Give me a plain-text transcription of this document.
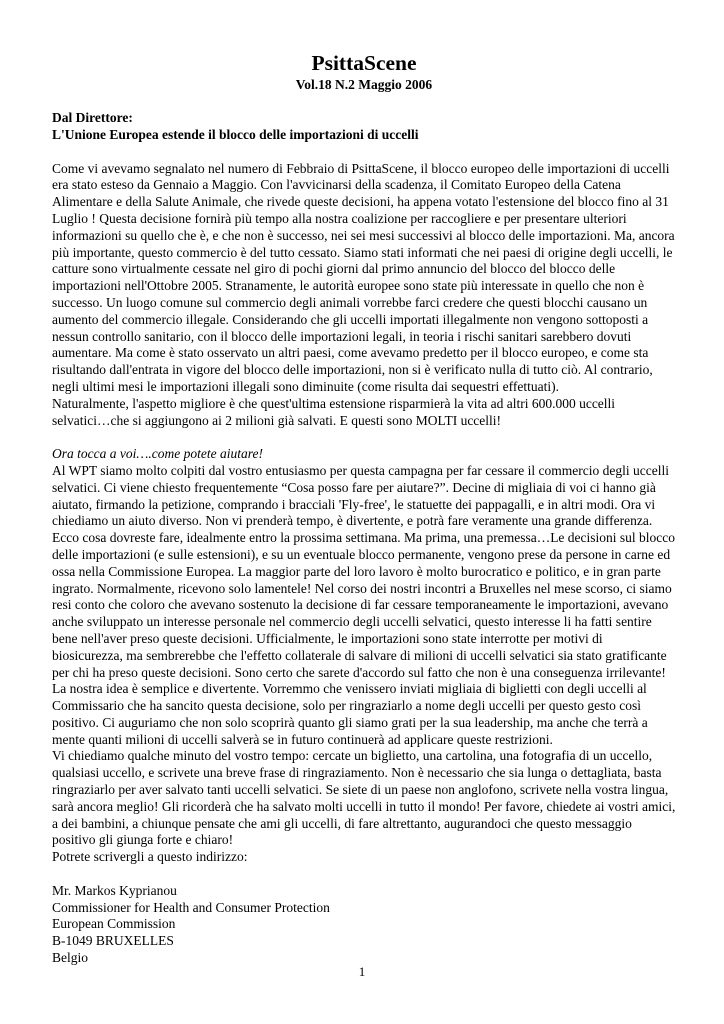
PsittaScene
Vol.18 N.2 Maggio 2006
Dal Direttore:
L'Unione Europea estende il blocco delle importazioni di uccelli

Come vi avevamo segnalato nel numero di Febbraio di PsittaScene, il blocco europeo delle importazioni di uccelli era stato esteso da Gennaio a Maggio. Con l'avvicinarsi della scadenza, il Comitato Europeo della Catena Alimentare e della Salute Animale, che rivede queste decisioni, ha appena votato l'estensione del blocco fino al 31 Luglio ! Questa decisione fornirà più tempo alla nostra coalizione per raccogliere e per presentare ulteriori informazioni su quello che è, e che non è successo, nei sei mesi successivi al blocco delle importazioni. Ma, ancora più importante, questo commercio è del tutto cessato. Siamo stati informati che nei paesi di origine degli uccelli, le catture sono virtualmente cessate nel giro di pochi giorni dal primo annuncio del blocco del blocco delle importazioni nell'Ottobre 2005. Stranamente, le autorità europee sono state più interessate in quello che non è successo. Un luogo comune sul commercio degli animali vorrebbe farci credere che questi blocchi causano un aumento del commercio illegale. Considerando che gli uccelli importati illegalmente non vengono sottoposti a nessun controllo sanitario, con il blocco delle importazioni legali, in teoria i rischi sanitari sarebbero dovuti aumentare. Ma come è stato osservato un altri paesi, come avevamo predetto per il blocco europeo, e come sta risultando dall'entrata in vigore del blocco delle importazioni, non si è verificato nulla di tutto ciò. Al contrario, negli ultimi mesi le importazioni illegali sono diminuite (come risulta dai sequestri effettuati).

Naturalmente, l'aspetto migliore è che quest'ultima estensione risparmierà la vita ad altri 600.000 uccelli selvatici…che si aggiungono ai 2 milioni già salvati. E questi sono MOLTI uccelli!

Ora tocca a voi….come potete aiutare!

Al WPT siamo molto colpiti dal vostro entusiasmo per questa campagna per far cessare il commercio degli uccelli selvatici. Ci viene chiesto frequentemente “Cosa posso fare per aiutare?”. Decine di migliaia di voi ci hanno già aiutato, firmando la petizione, comprando i bracciali 'Fly-free', le statuette dei pappagalli, e in altri modi. Ora vi chiediamo un aiuto diverso. Non vi prenderà tempo, è divertente, e potrà fare veramente una grande differenza. Ecco cosa dovreste fare, idealmente entro la prossima settimana. Ma prima, una premessa…Le decisioni sul blocco delle importazioni (e sulle estensioni), e su un eventuale blocco permanente, vengono prese da persone in carne ed ossa nella Commissione Europea. La maggior parte del loro lavoro è molto burocratico e politico, e in gran parte ingrato. Normalmente, ricevono solo lamentele! Nel corso dei nostri incontri a Bruxelles nel mese scorso, ci siamo resi conto che coloro che avevano sostenuto la decisione di far cessare temporaneamente le importazioni, avevano anche sviluppato un interesse personale nel commercio degli uccelli selvatici, questo interesse li ha fatti sentire bene nell'aver preso queste decisioni. Ufficialmente, le importazioni sono state interrotte per motivi di biosicurezza, ma sembrerebbe che l'effetto collaterale di salvare di milioni di uccelli selvatici sia stato gratificante per chi ha preso queste decisioni. Sono certo che sarete d'accordo sul fatto che non è una conseguenza irrilevante!

La nostra idea è semplice e divertente. Vorremmo che venissero inviati migliaia di biglietti con degli uccelli al Commissario che ha sancito questa decisione, solo per ringraziarlo a nome degli uccelli per questo gesto così positivo. Ci auguriamo che non solo scoprirà quanto gli siamo grati per la sua leadership, ma anche che terrà a mente quanti milioni di uccelli salverà se in futuro continuerà ad applicare queste restrizioni.

Vi chiediamo qualche minuto del vostro tempo: cercate un biglietto, una cartolina, una fotografia di un uccello, qualsiasi uccello, e scrivete una breve frase di ringraziamento. Non è necessario che sia lunga o dettagliata, basta ringraziarlo per aver salvato tanti uccelli selvatici. Se siete di un paese non anglofono, scrivete nella vostra lingua, sarà ancora meglio! Gli ricorderà che ha salvato molti uccelli in tutto il mondo! Per favore, chiedete ai vostri amici, a dei bambini, a chiunque pensate che ami gli uccelli, di fare altrettanto, augurandoci che questo messaggio positivo gli giunga forte e chiaro!

Potrete scrivergli a questo indirizzo:

Mr. Markos Kyprianou

Commissioner for Health and Consumer Protection

European Commission

B-1049 BRUXELLES

Belgio

1
